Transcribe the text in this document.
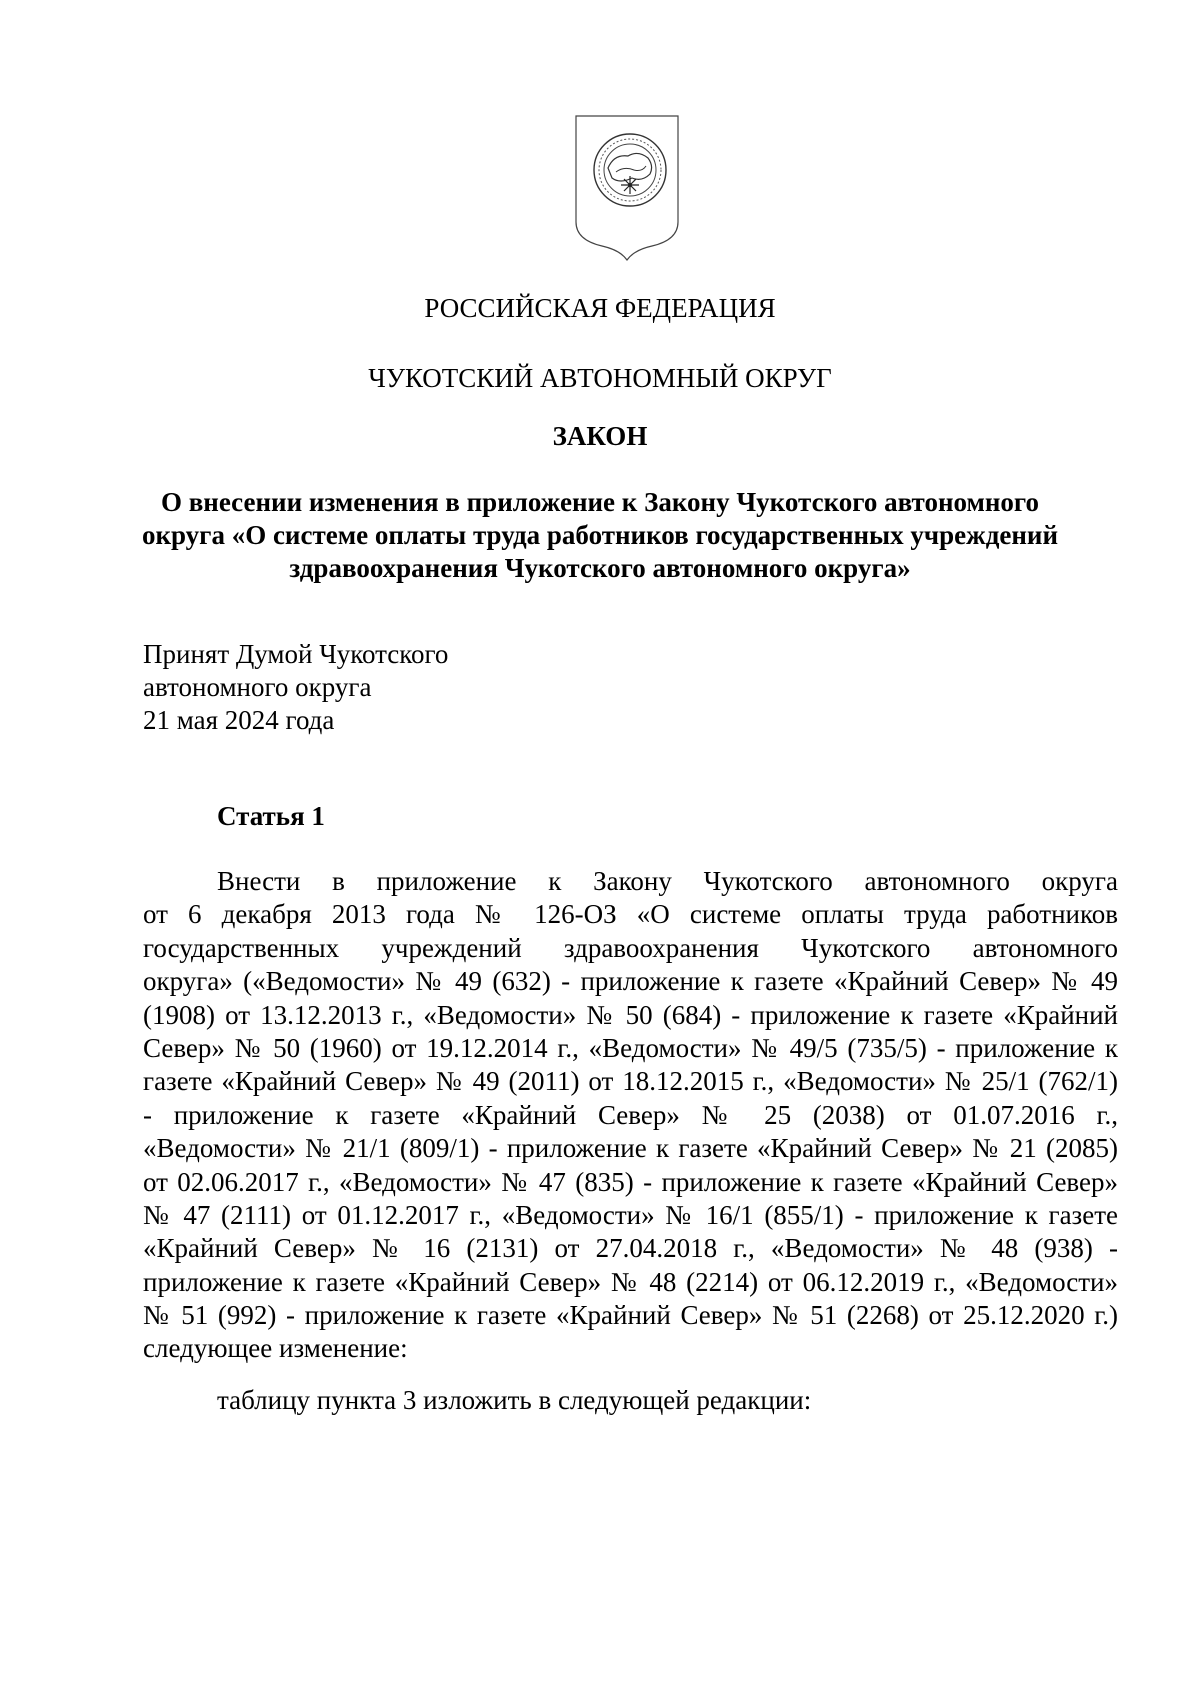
РОССИЙСКАЯ ФЕДЕРАЦИЯ
ЧУКОТСКИЙ АВТОНОМНЫЙ ОКРУГ
ЗАКОН
О внесении изменения в приложение к Закону Чукотского автономного
округа «О системе оплаты труда работников государственных учреждений
здравоохранения Чукотского автономного округа»
Принят Думой Чукотского
автономного округа
21 мая 2024 года
Статья 1
Внести в приложение к Закону Чукотского автономного округа
от 6 декабря 2013 года № 126-ОЗ «О системе оплаты труда работников
государственных учреждений здравоохранения Чукотского автономного
округа» («Ведомости» № 49 (632) - приложение к газете «Крайний Север» № 49
(1908) от 13.12.2013 г., «Ведомости» № 50 (684) - приложение к газете «Крайний
Север» № 50 (1960) от 19.12.2014 г., «Ведомости» № 49/5 (735/5) - приложение к
газете «Крайний Север» № 49 (2011) от 18.12.2015 г., «Ведомости» № 25/1 (762/1)
- приложение к газете «Крайний Север» № 25 (2038) от 01.07.2016 г.,
«Ведомости» № 21/1 (809/1) - приложение к газете «Крайний Север» № 21 (2085)
от 02.06.2017 г., «Ведомости» № 47 (835) - приложение к газете «Крайний Север»
№ 47 (2111) от 01.12.2017 г., «Ведомости» № 16/1 (855/1) - приложение к газете
«Крайний Север» № 16 (2131) от 27.04.2018 г., «Ведомости» № 48 (938) -
приложение к газете «Крайний Север» № 48 (2214) от 06.12.2019 г., «Ведомости»
№ 51 (992) - приложение к газете «Крайний Север» № 51 (2268) от 25.12.2020 г.)
следующее изменение:
таблицу пункта 3 изложить в следующей редакции:
